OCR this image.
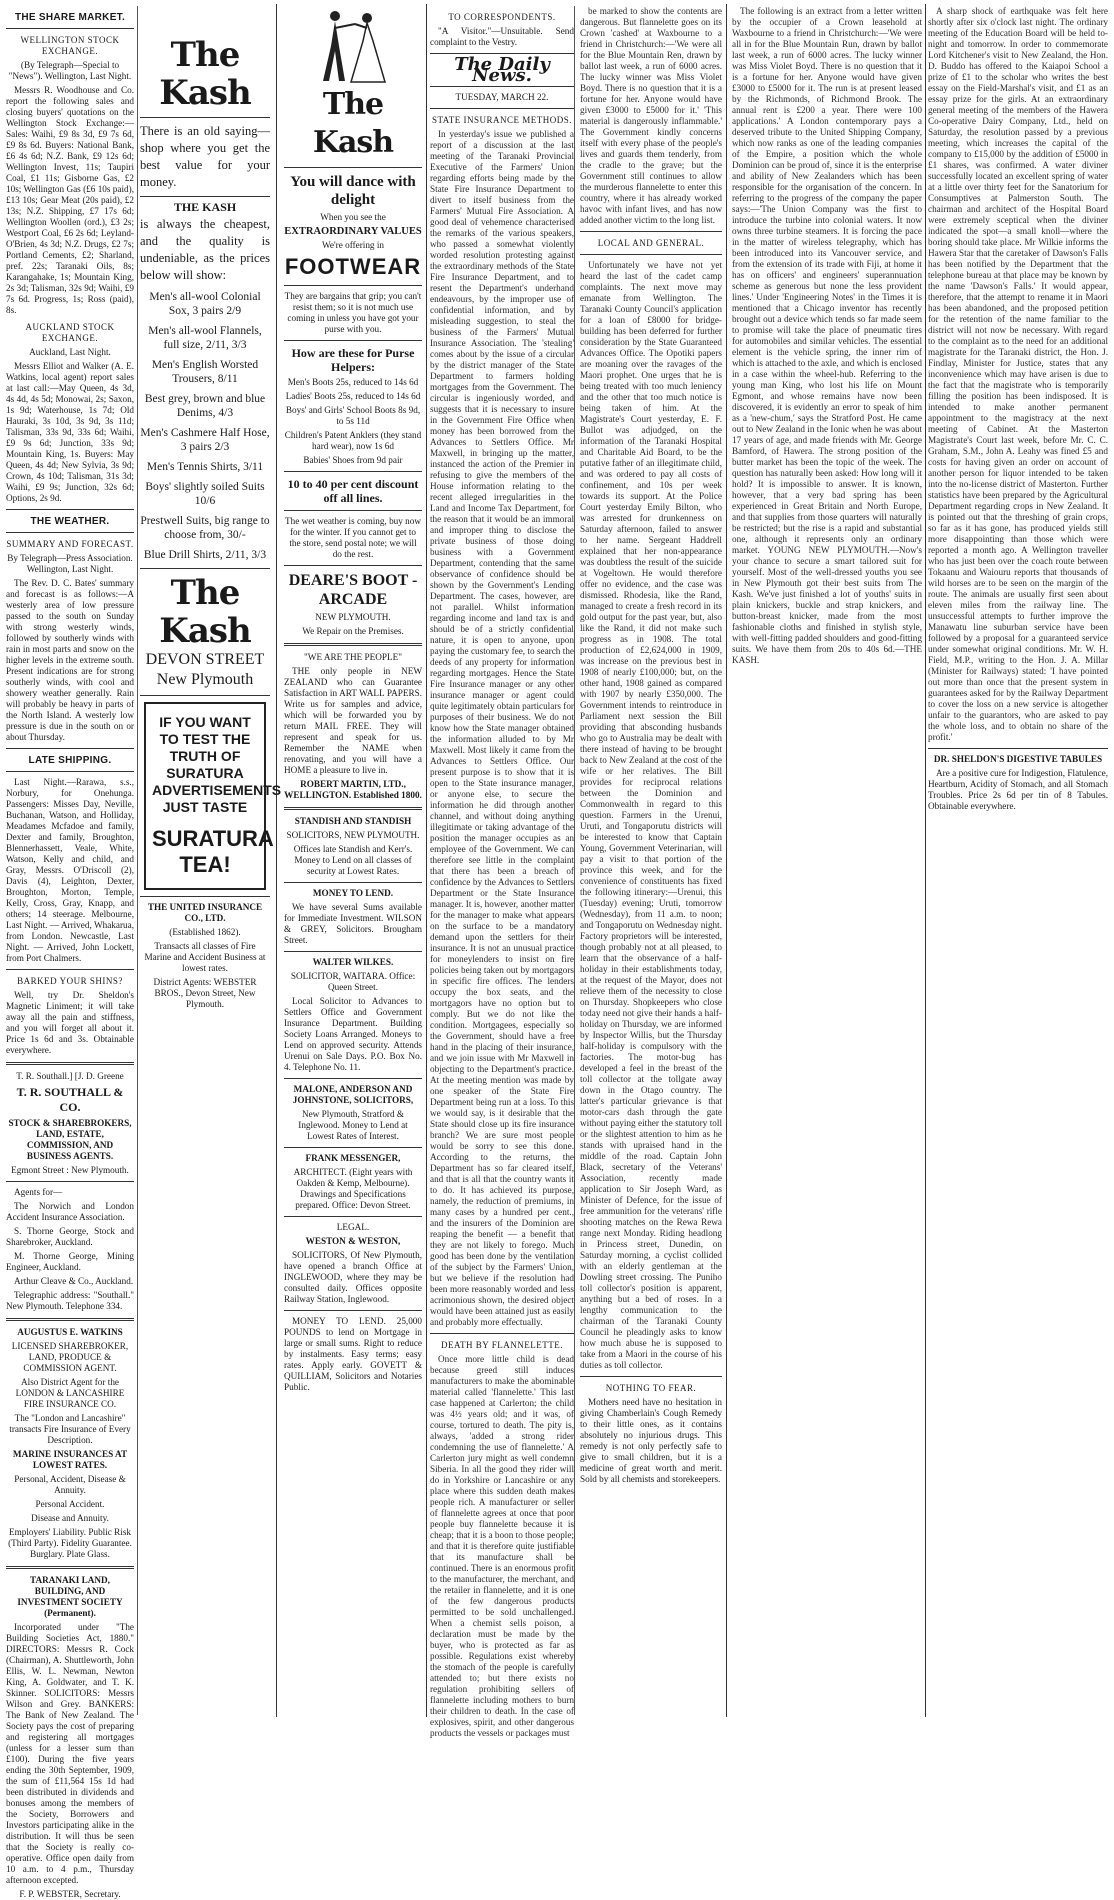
THE SHARE MARKET.
WELLINGTON STOCK EXCHANGE.

(By Telegraph—Special to "News"). Wellington, Last Night.

Messrs R. Woodhouse and Co. report the following sales and closing buyers' quotations on the Wellington Stock Exchange:—Sales: Waihi, £9 8s 3d, £9 7s 6d, £9 8s 6d. Buyers: National Bank, £6 4s 6d; N.Z. Bank, £9 12s 6d; Wellington Invest, 11s; Taupiri Coal, £1 11s; Gisborne Gas, £2 10s; Wellington Gas (£6 10s paid), £13 10s; Gear Meat (20s paid), £2 13s; N.Z. Shipping, £7 17s 6d; Wellington Woollen (ord.), £3 2s; Westport Coal, £6 2s 6d; Leyland-O'Brien, 4s 3d; N.Z. Drugs, £2 7s; Portland Cements, £2; Sharland, pref. 22s; Taranaki Oils, 8s; Karangahake, 1s; Mountain King, 2s 3d; Talisman, 32s 9d; Waihi, £9 7s 6d. Progress, 1s; Ross (paid), 8s.

AUCKLAND STOCK EXCHANGE.

Auckland, Last Night.

Messrs Elliot and Walker (A. E. Watkins, local agent) report sales at last call:—May Queen, 4s 3d, 4s 4d, 4s 5d; Monowai, 2s; Saxon, 1s 9d; Waterhouse, 1s 7d; Old Hauraki, 3s 10d, 3s 9d, 3s 11d; Talisman, 33s 9d, 33s 6d; Waihi, £9 9s 6d; Junction, 33s 9d; Mountain King, 1s. Buyers: May Queen, 4s 4d; New Sylvia, 3s 9d; Crown, 4s 10d; Talisman, 31s 3d; Waihi, £9 9s; Junction, 32s 6d; Options, 2s 9d.

THE WEATHER.
SUMMARY AND FORECAST.

By Telegraph—Press Association. Wellington, Last Night.

The Rev. D. C. Bates' summary and forecast is as follows:—A westerly area of low pressure passed to the south on Sunday with strong westerly winds, followed by southerly winds with rain in most parts and snow on the higher levels in the extreme south. Present indications are for strong southerly winds, with cool and showery weather generally. Rain will probably be heavy in parts of the North Island. A westerly low pressure is due in the south on or about Thursday.

LATE SHIPPING.

Last Night.—Rarawa, s.s., Norbury, for Onehunga. Passengers: Misses Day, Neville, Buchanan, Watson, and Holliday, Meadames Mcfadoe and family, Dexter and family, Broughton, Blennerhassett, Veale, White, Watson, Kelly and child, and Gray, Messrs. O'Driscoll (2), Davis (4), Leighton, Dexter, Broughton, Morton, Temple, Kelly, Cross, Gray, Knapp, and others; 14 steerage. Melbourne, Last Night. — Arrived, Whakarua, from London. Newcastle, Last Night. — Arrived, John Lockett, from Port Chalmers.

BARKED YOUR SHINS?

Well, try Dr. Sheldon's Magnetic Liniment; it will take away all the pain and stiffness, and you will forget all about it. Price 1s 6d and 3s. Obtainable everywhere.

T. R. Southall.] [J. D. Greene

T. R. SOUTHALL & CO.

STOCK & SHAREBROKERS, LAND, ESTATE, COMMISSION, AND BUSINESS AGENTS.

Egmont Street : New Plymouth.

Agents for—

The Norwich and London Accident Insurance Association.

S. Thorne George, Stock and Sharebroker, Auckland.

M. Thorne George, Mining Engineer, Auckland.

Arthur Cleave & Co., Auckland.

Telegraphic address: "Southall." New Plymouth. Telephone 334.

AUGUSTUS E. WATKINS

LICENSED SHAREBROKER, LAND, PRODUCE & COMMISSION AGENT.

Also District Agent for the LONDON & LANCASHIRE FIRE INSURANCE CO.

The "London and Lancashire" transacts Fire Insurance of Every Description.

MARINE INSURANCES AT LOWEST RATES.

Personal, Accident, Disease & Annuity.

Personal Accident.

Disease and Annuity.

Employers' Liability. Public Risk (Third Party). Fidelity Guarantee. Burglary. Plate Glass.

TARANAKI LAND, BUILDING, AND INVESTMENT SOCIETY (Permanent).

Incorporated under "The Building Societies Act, 1880." DIRECTORS: Messrs R. Cock (Chairman), A. Shuttleworth, John Ellis, W. L. Newman, Newton King, A. Goldwater, and T. K. Skinner. SOLICITORS: Messrs Wilson and Grey. BANKERS: The Bank of New Zealand. The Society pays the cost of preparing and registering all mortgages (unless for a lesser sum than £100). During the five years ending the 30th September, 1909, the sum of £11,564 15s 1d had been distributed in dividends and bonuses among the members of the Society, Borrowers and Investors participating alike in the distribution. It will thus be seen that the Society is really co-operative. Office open daily from 10 a.m. to 4 p.m., Thursday afternoon excepted.

F. P. WEBSTER, Secretary.

The Kash

There is an old saying—shop where you get the best value for your money.

THE KASH

is always the cheapest, and the quality is undeniable, as the prices below will show:

Men's all-wool Colonial Sox, 3 pairs 2/9
Men's all-wool Flannels, full size, 2/11, 3/3
Men's English Worsted Trousers, 8/11
Best grey, brown and blue Denims, 4/3
Men's Cashmere Half Hose, 3 pairs 2/3
Men's Tennis Shirts, 3/11
Boys' slightly soiled Suits 10/6
Prestwell Suits, big range to choose from, 30/-
Blue Drill Shirts, 2/11, 3/3
The Kash
DEVON STREET
New Plymouth
IF YOU WANT TO TEST THE TRUTH OF SURATURA ADVERTISEMENTS JUST TASTE
SURATURA TEA!

THE UNITED INSURANCE CO., LTD.

(Established 1862).

Transacts all classes of Fire Marine and Accident Business at lowest rates.

District Agents: WEBSTER BROS., Devon Street, New Plymouth.

The Kash

You will dance with delight

When you see the

EXTRAORDINARY VALUES

We're offering in

FOOTWEAR

They are bargains that grip; you can't resist them; so it is not much use coming in unless you have got your purse with you.

How are these for Purse Helpers:

Men's Boots 25s, reduced to 14s 6d

Ladies' Boots 25s, reduced to 14s 6d

Boys' and Girls' School Boots 8s 9d, to 5s 11d

Children's Patent Anklers (they stand hard wear), now 1s 6d

Babies' Shoes from 9d pair

10 to 40 per cent discount off all lines.

The wet weather is coming, buy now for the winter. If you cannot get to the store, send postal note; we will do the rest.

DEARE'S BOOT - ARCADE

NEW PLYMOUTH.

We Repair on the Premises.

"WE ARE THE PEOPLE"

THE only people in NEW ZEALAND who can Guarantee Satisfaction in ART WALL PAPERS. Write us for samples and advice, which will be forwarded you by return MAIL FREE. They will represent and speak for us. Remember the NAME when renovating, and you will have a HOME a pleasure to live in.

ROBERT MARTIN, LTD., WELLINGTON. Established 1800.

STANDISH AND STANDISH

SOLICITORS, NEW PLYMOUTH.

Offices late Standish and Kerr's. Money to Lend on all classes of security at Lowest Rates.

MONEY TO LEND.

We have several Sums available for Immediate Investment. WILSON & GREY, Solicitors. Brougham Street.

WALTER WILKES.

SOLICITOR, WAITARA. Office: Queen Street.

Local Solicitor to Advances to Settlers Office and Government Insurance Department. Building Society Loans Arranged. Moneys to Lend on approved security. Attends Urenui on Sale Days. P.O. Box No. 4. Telephone No. 11.

MALONE, ANDERSON AND JOHNSTONE, SOLICITORS,

New Plymouth, Stratford & Inglewood. Money to Lend at Lowest Rates of Interest.

FRANK MESSENGER,

ARCHITECT. (Eight years with Oakden & Kemp, Melbourne). Drawings and Specifications prepared. Office: Devon Street.

LEGAL.

WESTON & WESTON,

SOLICITORS, Of New Plymouth, have opened a branch Office at INGLEWOOD, where they may be consulted daily. Offices opposite Railway Station, Inglewood.

MONEY TO LEND. 25,000 POUNDS to lend on Mortgage in large or small sums. Right to reduce by instalments. Easy terms; easy rates. Apply early. GOVETT & QUILLIAM, Solicitors and Notaries Public.

TO CORRESPONDENTS.

"A Visitor."—Unsuitable. Send complaint to the Vestry.

The Daily News.

TUESDAY, MARCH 22.

STATE INSURANCE METHODS.

In yesterday's issue we published a report of a discussion at the last meeting of the Taranaki Provincial Executive of the Farmers' Union regarding efforts being made by the State Fire Insurance Department to divert to itself business from the Farmers' Mutual Fire Association. A good deal of vehemence characterised the remarks of the various speakers, who passed a somewhat violently worded resolution protesting against the extraordinary methods of the State Fire Insurance Department, and to resent the Department's underhand endeavours, by the improper use of confidential information, and by misleading suggestion, to steal the business of the Farmers' Mutual Insurance Association. The 'stealing' comes about by the issue of a circular by the district manager of the State Department to farmers holding mortgages from the Government. The circular is ingeniously worded, and suggests that it is necessary to insure in the Government Fire Office when money has been borrowed from the Advances to Settlers Office. Mr Maxwell, in bringing up the matter, instanced the action of the Premier in refusing to give the members of the House information relating to the recent alleged irregularities in the Land and Income Tax Department, for the reason that it would be an immoral and improper thing to disclose the private business of those doing business with a Government Department, contending that the same observance of confidence should be shown by the Government's Lending Department. The cases, however, are not parallel. Whilst information regarding income and land tax is and should be of a strictly confidential nature, it is open to anyone, upon paying the customary fee, to search the deeds of any property for information regarding mortgages. Hence the State Fire Insurance manager or any other insurance manager or agent could quite legitimately obtain particulars for purposes of their business. We do not know how the State manager obtained the information alluded to by Mr Maxwell. Most likely it came from the Advances to Settlers Office. Our present purpose is to show that it is open to the State insurance manager, or anyone else, to secure the information he did through another channel, and without doing anything illegitimate or taking advantage of the position the manager occupies as an employee of the Government. We can therefore see little in the complaint that there has been a breach of confidence by the Advances to Settlers Department or the State Insurance manager. It is, however, another matter for the manager to make what appears on the surface to be a mandatory demand upon the settlers for their insurance. It is not an unusual practice for moneylenders to insist on fire policies being taken out by mortgagors in specific fire offices. The lenders occupy the box seats, and the mortgagors have no option but to comply. But we do not like the condition. Mortgagees, especially so the Government, should have a free hand in the placing of their insurance, and we join issue with Mr Maxwell in objecting to the Department's practice. At the meeting mention was made by one speaker of the State Fire Department being run at a loss. To this we would say, is it desirable that the State should close up its fire insurance branch? We are sure most people would be sorry to see this done. According to the returns, the Department has so far cleared itself, and that is all that the country wants it to do. It has achieved its purpose, namely, the reduction of premiums, in many cases by a hundred per cent., and the insurers of the Dominion are reaping the benefit — a benefit that they are not likely to forego. Much good has been done by the ventilation of the subject by the Farmers' Union, but we believe if the resolution had been more reasonably worded and less acrimonious shown, the desired object would have been attained just as easily and probably more effectually.

DEATH BY FLANNELETTE.

Once more little child is dead because greed still induces manufacturers to make the abominable material called 'flannelette.' This last case happened at Carlerton; the child was 4½ years old; and it was, of course, tortured to death. The pity is, always, 'added a strong rider condemning the use of flannelette.' A Carlerton jury might as well condemn Siberia. In all the good they rider will do in Yorkshire or Lancashire or any place where this sudden death makes people rich. A manufacturer or seller of flannelette agrees at once that poor people buy flannelette because it is cheap; that it is a boon to those people; and that it is therefore quite justifiable that its manufacture shall be continued. There is an enormous profit to the manufacturer, the merchant, and the retailer in flannelette, and it is one of the few dangerous products permitted to be sold unchallenged. When a chemist sells poison, a declaration must be made by the buyer, who is protected as far as possible. Regulations exist whereby the stomach of the people is carefully attended to; but there exists no regulation prohibiting sellers of flannelette including mothers to burn their children to death. In the case of explosives, spirit, and other dangerous products the vessels or packages must

be marked to show the contents are dangerous. But flannelette goes on its Crown 'cashed' at Waxbourne to a friend in Christchurch:—'We were all for the Blue Mountain Ren, drawn by ballot last week, a run of 6000 acres. The lucky winner was Miss Violet Boyd. There is no question that it is a fortune for her. Anyone would have given £3000 to £5000 for it.' 'This material is dangerously inflammable.' The Government kindly concerns itself with every phase of the people's lives and guards them tenderly, from the cradle to the grave; but the Government still continues to allow the murderous flannelette to enter this country, where it has already worked havoc with infant lives, and has now added another victim to the long list.

LOCAL AND GENERAL.

Unfortunately we have not yet heard the last of the cadet camp complaints. The next move may emanate from Wellington. The Taranaki County Council's application for a loan of £8000 for bridge-building has been deferred for further consideration by the State Guaranteed Advances Office. The Opotiki papers are moaning over the ravages of the Maori prophet. One urges that he is being treated with too much leniency and the other that too much notice is being taken of him. At the Magistrate's Court yesterday, E. F. Bullot was adjudged, on the information of the Taranaki Hospital and Charitable Aid Board, to be the putative father of an illegitimate child, and was ordered to pay all costs of confinement, and 10s per week towards its support. At the Police Court yesterday Emily Bilton, who was arrested for drunkenness on Saturday afternoon, failed to answer to her name. Sergeant Haddrell explained that her non-appearance was doubtless the result of the suicide at Vogeltown. He would therefore offer no evidence, and the case was dismissed. Rhodesia, like the Rand, managed to create a fresh record in its gold output for the past year, but, also like the Rand, it did not make such progress as in 1908. The total production of £2,624,000 in 1909, was increase on the previous best in 1908 of nearly £100,000; but, on the other hand, 1908 gained as compared with 1907 by nearly £350,000. The Government intends to reintroduce in Parliament next session the Bill providing that absconding husbands who go to Australia may be dealt with there instead of having to be brought back to New Zealand at the cost of the wife or her relatives. The Bill provides for reciprocal relations between the Dominion and Commonwealth in regard to this question. Farmers in the Urenui, Uruti, and Tongaporutu districts will be interested to know that Captain Young, Government Veterinarian, will pay a visit to that portion of the province this week, and for the convenience of constituents has fixed the following itinerary:—Urenui, this (Tuesday) evening; Uruti, tomorrow (Wednesday), from 11 a.m. to noon; and Tongaporutu on Wednesday night. Factory proprietors will be interested, though probably not at all pleased, to learn that the observance of a half-holiday in their establishments today, at the request of the Mayor, does not relieve them of the necessity to close on Thursday. Shopkeepers who close today need not give their hands a half-holiday on Thursday, we are informed by Inspector Willis, but the Thursday half-holiday is compulsory with the factories. The motor-bug has developed a feel in the breast of the toll collector at the tollgate away down in the Otago country. The latter's particular grievance is that motor-cars dash through the gate without paying either the statutory toll or the slightest attention to him as he stands with upraised hand in the middle of the road. Captain John Black, secretary of the Veterans' Association, recently made application to Sir Joseph Ward, as Minister of Defence, for the issue of free ammunition for the veterans' rifle shooting matches on the Rewa Rewa range next Monday. Riding headlong in Princess street, Dunedin, on Saturday morning, a cyclist collided with an elderly gentleman at the Dowling street crossing. The Puniho toll collector's position is apparent, anything but a bed of roses. In a lengthy communication to the chairman of the Taranaki County Council he pleadingly asks to know how much abuse he is supposed to take from a Maori in the course of his duties as toll collector.

NOTHING TO FEAR.

Mothers need have no hesitation in giving Chamberlain's Cough Remedy to their little ones, as it contains absolutely no injurious drugs. This remedy is not only perfectly safe to give to small children, but it is a medicine of great worth and merit. Sold by all chemists and storekeepers.

The following is an extract from a letter written by the occupier of a Crown leasehold at Waxbourne to a friend in Christchurch:—'We were all in for the Blue Mountain Run, drawn by ballot last week, a run of 6000 acres. The lucky winner was Miss Violet Boyd. There is no question that it is a fortune for her. Anyone would have given £3000 to £5000 for it. The run is at present leased by the Richmonds, of Richmond Brook. The annual rent is £200 a year. There were 100 applications.' A London contemporary pays a deserved tribute to the United Shipping Company, which now ranks as one of the leading companies of the Empire, a position which the whole Dominion can be proud of, since it is the enterprise and ability of New Zealanders which has been responsible for the organisation of the concern. In referring to the progress of the company the paper says:—'The Union Company was the first to introduce the turbine into colonial waters. It now owns three turbine steamers. It is forcing the pace in the matter of wireless telegraphy, which has been introduced into its Vancouver service, and from the extension of its trade with Fiji, at home it has on officers' and engineers' superannuation scheme as generous but none the less provident lines.' Under 'Engineering Notes' in the Times it is mentioned that a Chicago inventor has recently brought out a device which tends so far made seem to promise will take the place of pneumatic tires for automobiles and similar vehicles. The essential element is the vehicle spring, the inner rim of which is attached to the axle, and which is enclosed in a case within the wheel-hub. Referring to the young man King, who lost his life on Mount Egmont, and whose remains have now been discovered, it is evidently an error to speak of him as a 'new-chum,' says the Stratford Post. He came out to New Zealand in the Ionic when he was about 17 years of age, and made friends with Mr. George Bamford, of Hawera. The strong position of the butter market has been the topic of the week. The question has naturally been asked: How long will it hold? It is impossible to answer. It is known, however, that a very bad spring has been experienced in Great Britain and North Europe, and that supplies from those quarters will naturally be restricted; but the rise is a rapid and substantial one, although it represents only an ordinary market. YOUNG NEW PLYMOUTH.—Now's your chance to secure a smart tailored suit for yourself. Most of the well-dressed youths you see in New Plymouth got their best suits from The Kash. We've just finished a lot of youths' suits in plain knickers, buckle and strap knickers, and button-breast knicker, made from the most fashionable cloths and finished in stylish style, with well-fitting padded shoulders and good-fitting suits. We have them from 20s to 40s 6d.—THE KASH.

A sharp shock of earthquake was felt here shortly after six o'clock last night. The ordinary meeting of the Education Board will be held to-night and tomorrow. In order to commemorate Lord Kitchener's visit to New Zealand, the Hon. D. Buddo has offered to the Kaiapoi School a prize of £1 to the scholar who writes the best essay on the Field-Marshal's visit, and £1 as an essay prize for the girls. At an extraordinary general meeting of the members of the Hawera Co-operative Dairy Company, Ltd., held on Saturday, the resolution passed by a previous meeting, which increases the capital of the company to £15,000 by the addition of £5000 in £1 shares, was confirmed. A water diviner successfully located an excellent spring of water at a little over thirty feet for the Sanatorium for Consumptives at Palmerston South. The chairman and architect of the Hospital Board were extremely sceptical when the diviner indicated the spot—a small knoll—where the boring should take place. Mr Wilkie informs the Hawera Star that the caretaker of Dawson's Falls has been notified by the Department that the telephone bureau at that place may be known by the name 'Dawson's Falls.' It would appear, therefore, that the attempt to rename it in Maori has been abandoned, and the proposed petition for the retention of the name familiar to the district will not now be necessary. With regard to the complaint as to the need for an additional magistrate for the Taranaki district, the Hon. J. Findlay, Minister for Justice, states that any inconvenience which may have arisen is due to the fact that the magistrate who is temporarily filling the position has been indisposed. It is intended to make another permanent appointment to the magistracy at the next meeting of Cabinet. At the Masterton Magistrate's Court last week, before Mr. C. C. Graham, S.M., John A. Leahy was fined £5 and costs for having given an order on account of another person for liquor intended to be taken into the no-license district of Masterton. Further statistics have been prepared by the Agricultural Department regarding crops in New Zealand. It is pointed out that the threshing of grain crops, so far as it has gone, has produced yields still more disappointing than those which were reported a month ago. A Wellington traveller who has just been over the coach route between Tokaanu and Waiouru reports that thousands of wild horses are to be seen on the margin of the route. The animals are usually first seen about eleven miles from the railway line. The unsuccessful attempts to further improve the Manawatu line suburban service have been followed by a proposal for a guaranteed service under somewhat original conditions. Mr. W. H. Field, M.P., writing to the Hon. J. A. Millar (Minister for Railways) stated: 'I have pointed out more than once that the present system in guarantees asked for by the Railway Department to cover the loss on a new service is altogether unfair to the guarantors, who are asked to pay the whole loss, and to obtain no share of the profit.'

DR. SHELDON'S DIGESTIVE TABULES

Are a positive cure for Indigestion, Flatulence, Heartburn, Acidity of Stomach, and all Stomach Troubles. Price 2s 6d per tin of 8 Tabules. Obtainable everywhere.
